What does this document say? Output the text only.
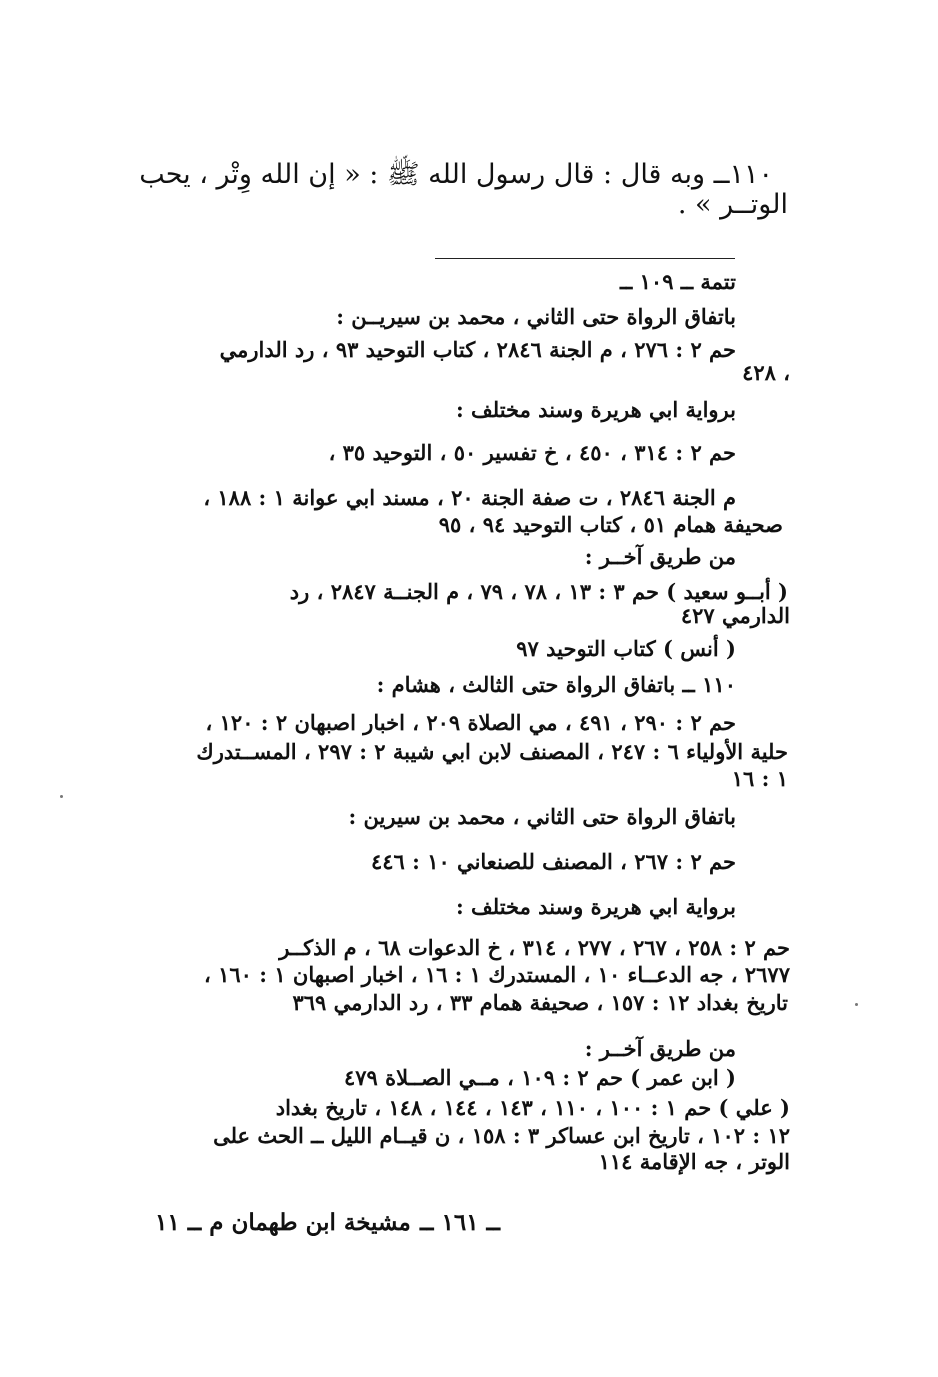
١١٠ــ وبه قال : قال رسول الله ﷺ : « إن الله وِتْر ، يحب
الوتــر » .
تتمة ــ ١٠٩ ــ
باتفاق الرواة حتى الثاني ، محمد بن سيريــن :
حم ٢ : ٢٧٦ ، م الجنة ٢٨٤٦ ، كتاب التوحيد ٩٣ ، رد الدارمي
٤٢٨ ،
برواية ابي هريرة وسند مختلف :
حم ٢ : ٣١٤ ، ٤٥٠ ، خ تفسير ٥٠ ، التوحيد ٣٥ ،
م الجنة ٢٨٤٦ ، ت صفة الجنة ٢٠ ، مسند ابي عوانة ١ : ١٨٨ ،
صحيفة همام ٥١ ، كتاب التوحيد ٩٤ ، ٩٥
من طريق آخــر :
( أبــو سعيد ) حم ٣ : ١٣ ، ٧٨ ، ٧٩ ، م الجنــة ٢٨٤٧ ، رد
الدارمي ٤٢٧
( أنس ) كتاب التوحيد ٩٧
١١٠ ــ باتفاق الرواة حتى الثالث ، هشام :
حم ٢ : ٢٩٠ ، ٤٩١ ، مي الصلاة ٢٠٩ ، اخبار اصبهان ٢ : ١٢٠ ،
حلية الأولياء ٦ : ٢٤٧ ، المصنف لابن ابي شيبة ٢ : ٢٩٧ ، المســتدرك
١ : ١٦
باتفاق الرواة حتى الثاني ، محمد بن سيرين :
حم ٢ : ٢٦٧ ، المصنف للصنعاني ١٠ : ٤٤٦
برواية ابي هريرة وسند مختلف :
حم ٢ : ٢٥٨ ، ٢٦٧ ، ٢٧٧ ، ٣١٤ ، خ الدعوات ٦٨ ، م الذكــر
٢٦٧٧ ، جه الدعــاء ١٠ ، المستدرك ١ : ١٦ ، اخبار اصبهان ١ : ١٦٠ ،
تاريخ بغداد ١٢ : ١٥٧ ، صحيفة همام ٣٣ ، رد الدارمي ٣٦٩
من طريق آخــر :
( ابن عمر ) حم ٢ : ١٠٩ ، مــي الصــلاة ٤٧٩
( علي ) حم ١ : ١٠٠ ، ١١٠ ، ١٤٣ ، ١٤٤ ، ١٤٨ ، تاريخ بغداد
١٢ : ١٠٢ ، تاريخ ابن عساكر ٣ : ١٥٨ ، ن قيــام الليل ــ الحث على
الوتر ، جه الإقامة ١١٤
ــ ١٦١ ــ
مشيخة ابن طهمان م ــ ١١
